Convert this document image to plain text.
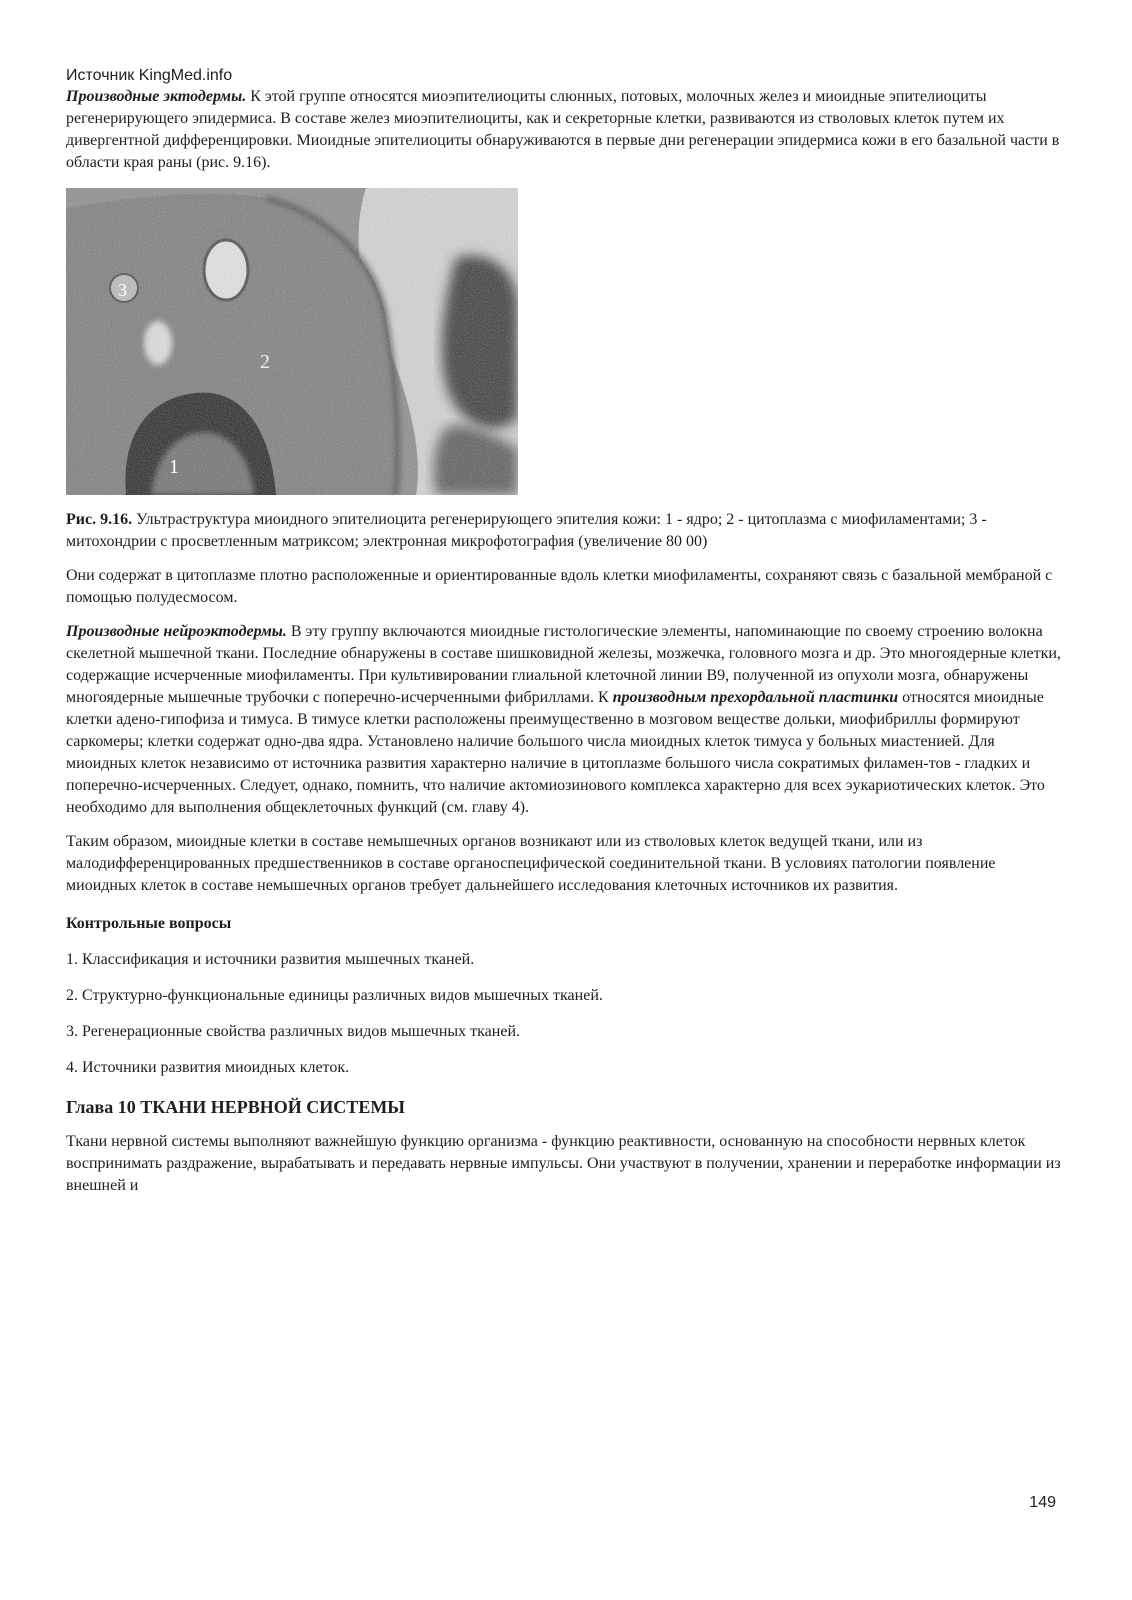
Источник KingMed.info

Производные эктодермы. К этой группе относятся миоэпителиоциты слюнных, потовых, молочных желез и миоидные эпителиоциты регенерирующего эпидермиса. В составе желез миоэпителиоциты, как и секреторные клетки, развиваются из стволовых клеток путем их дивергентной дифференцировки. Миоидные эпителиоциты обнаруживаются в первые дни регенерации эпидермиса кожи в его базальной части в области края раны (рис. 9.16).

1
2
3

Рис. 9.16. Ультраструктура миоидного эпителиоцита регенерирующего эпителия кожи: 1 - ядро; 2 - цитоплазма с миофиламентами; 3 - митохондрии с просветленным матриксом; электронная микрофотография (увеличение 80 00)

Они содержат в цитоплазме плотно расположенные и ориентированные вдоль клетки миофиламенты, сохраняют связь с базальной мембраной с помощью полудесмосом.

Производные нейроэктодермы. В эту группу включаются миоидные гистологические элементы, напоминающие по своему строению волокна скелетной мышечной ткани. Последние обнаружены в составе шишковидной железы, мозжечка, головного мозга и др. Это многоядерные клетки, содержащие исчерченные миофиламенты. При культивировании глиальной клеточной линии В9, полученной из опухоли мозга, обнаружены многоядерные мышечные трубочки с поперечно-исчерченными фибриллами. К производным прехордальной пластинки относятся миоидные клетки адено-гипофиза и тимуса. В тимусе клетки расположены преимущественно в мозговом веществе дольки, миофибриллы формируют саркомеры; клетки содержат одно-два ядра. Установлено наличие большого числа миоидных клеток тимуса у больных миастенией. Для миоидных клеток независимо от источника развития характерно наличие в цитоплазме большого числа сократимых филамен-тов - гладких и поперечно-исчерченных. Следует, однако, помнить, что наличие актомиозинового комплекса характерно для всех эукариотических клеток. Это необходимо для выполнения общеклеточных функций (см. главу 4).

Таким образом, миоидные клетки в составе немышечных органов возникают или из стволовых клеток ведущей ткани, или из малодифференцированных предшественников в составе органоспецифической соединительной ткани. В условиях патологии появление миоидных клеток в составе немышечных органов требует дальнейшего исследования клеточных источников их развития.

Контрольные вопросы

1. Классификация и источники развития мышечных тканей.

2. Структурно-функциональные единицы различных видов мышечных тканей.

3. Регенерационные свойства различных видов мышечных тканей.

4. Источники развития миоидных клеток.

Глава 10 ТКАНИ НЕРВНОЙ СИСТЕМЫ

Ткани нервной системы выполняют важнейшую функцию организма - функцию реактивности, основанную на способности нервных клеток воспринимать раздражение, вырабатывать и передавать нервные импульсы. Они участвуют в получении, хранении и переработке информации из внешней и

149
